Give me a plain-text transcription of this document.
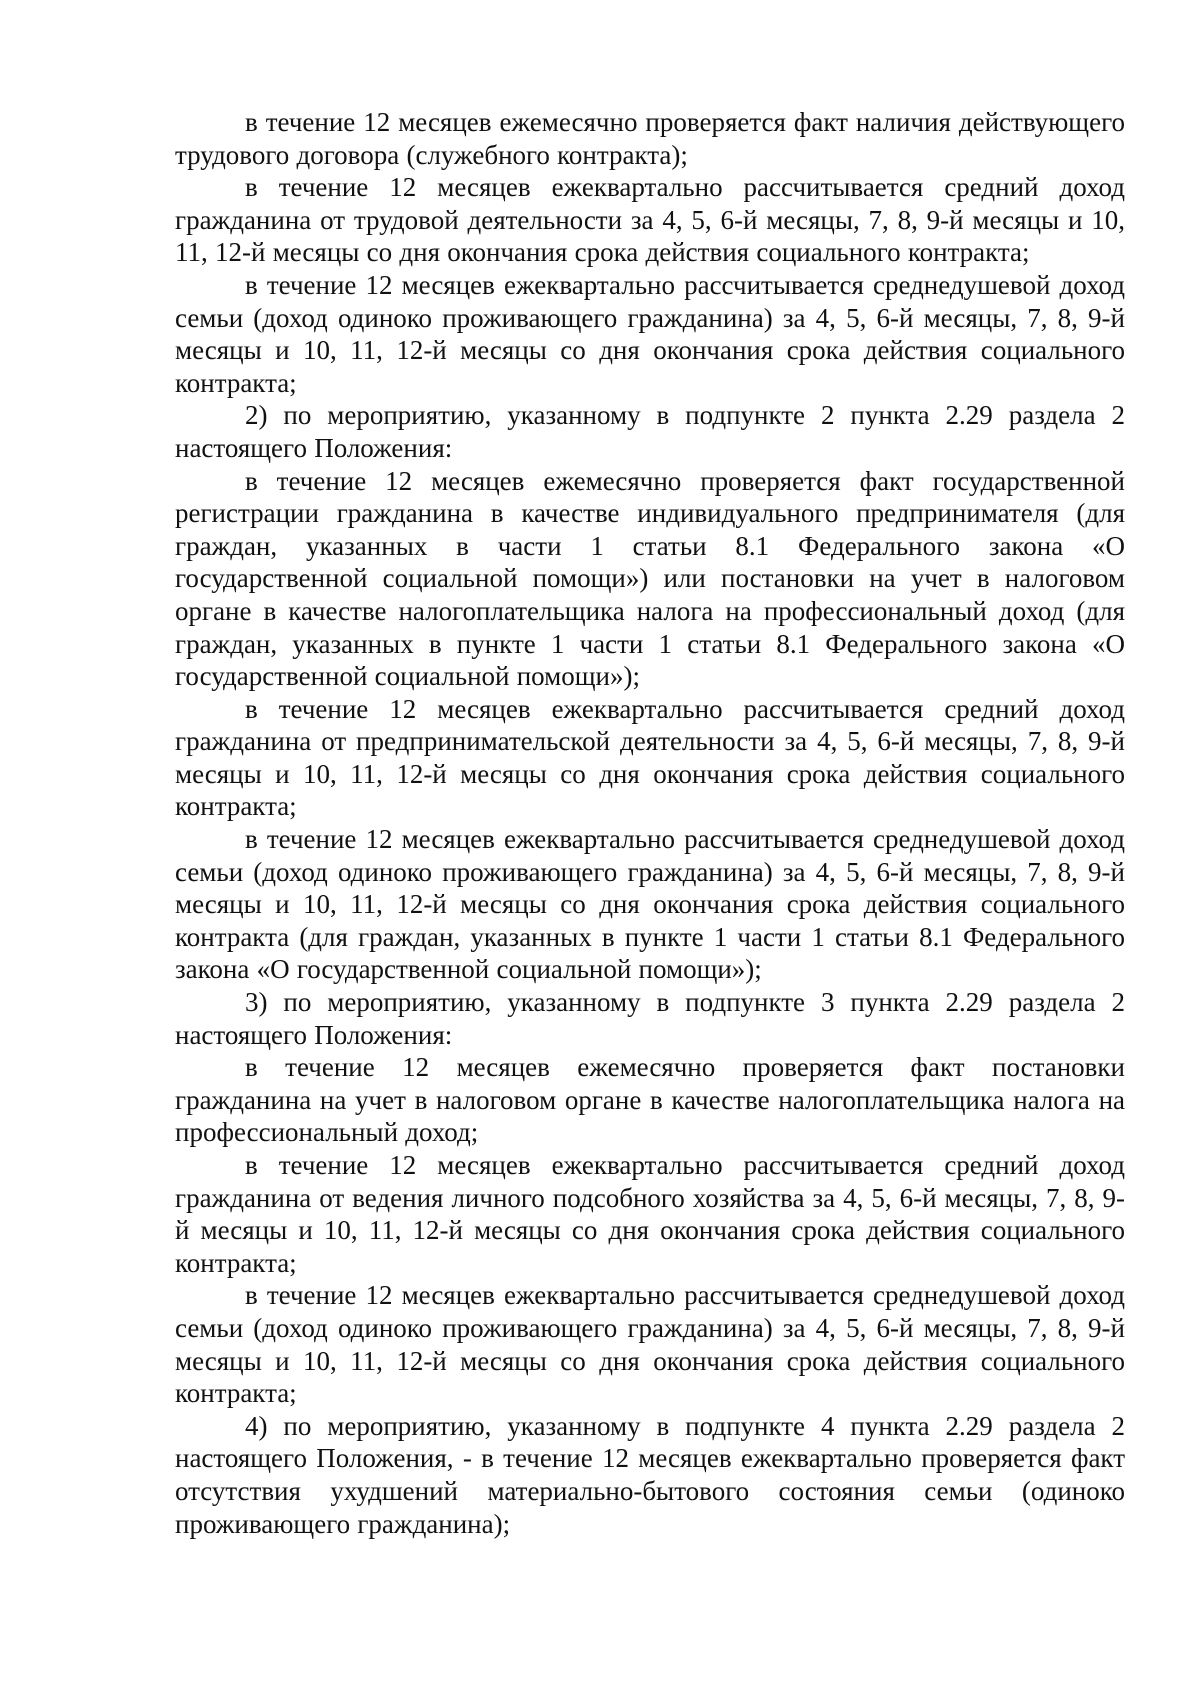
в течение 12 месяцев ежемесячно проверяется факт наличия действующего трудового договора (служебного контракта);

в течение 12 месяцев ежеквартально рассчитывается средний доход гражданина от трудовой деятельности за 4, 5, 6-й месяцы, 7, 8, 9-й месяцы и 10, 11, 12-й месяцы со дня окончания срока действия социального контракта;

в течение 12 месяцев ежеквартально рассчитывается среднедушевой доход семьи (доход одиноко проживающего гражданина) за 4, 5, 6-й месяцы, 7, 8, 9-й месяцы и 10, 11, 12-й месяцы со дня окончания срока действия социального контракта;

2) по мероприятию, указанному в подпункте 2 пункта 2.29 раздела 2 настоящего Положения:

в течение 12 месяцев ежемесячно проверяется факт государственной регистрации гражданина в качестве индивидуального предпринимателя (для граждан, указанных в части 1 статьи 8.1 Федерального закона «О государственной социальной помощи») или постановки на учет в налоговом органе в качестве налогоплательщика налога на профессиональный доход (для граждан, указанных в пункте 1 части 1 статьи 8.1 Федерального закона «О государственной социальной помощи»);

в течение 12 месяцев ежеквартально рассчитывается средний доход гражданина от предпринимательской деятельности за 4, 5, 6-й месяцы, 7, 8, 9-й месяцы и 10, 11, 12-й месяцы со дня окончания срока действия социального контракта;

в течение 12 месяцев ежеквартально рассчитывается среднедушевой доход семьи (доход одиноко проживающего гражданина) за 4, 5, 6-й месяцы, 7, 8, 9-й месяцы и 10, 11, 12-й месяцы со дня окончания срока действия социального контракта (для граждан, указанных в пункте 1 части 1 статьи 8.1 Федерального закона «О государственной социальной помощи»);

3) по мероприятию, указанному в подпункте 3 пункта 2.29 раздела 2 настоящего Положения:

в течение 12 месяцев ежемесячно проверяется факт постановки гражданина на учет в налоговом органе в качестве налогоплательщика налога на профессиональный доход;

в течение 12 месяцев ежеквартально рассчитывается средний доход гражданина от ведения личного подсобного хозяйства за 4, 5, 6-й месяцы, 7, 8, 9-й месяцы и 10, 11, 12-й месяцы со дня окончания срока действия социального контракта;

в течение 12 месяцев ежеквартально рассчитывается среднедушевой доход семьи (доход одиноко проживающего гражданина) за 4, 5, 6-й месяцы, 7, 8, 9-й месяцы и 10, 11, 12-й месяцы со дня окончания срока действия социального контракта;

4) по мероприятию, указанному в подпункте 4 пункта 2.29 раздела 2 настоящего Положения, - в течение 12 месяцев ежеквартально проверяется факт отсутствия ухудшений материально-бытового состояния семьи (одиноко проживающего гражданина);
